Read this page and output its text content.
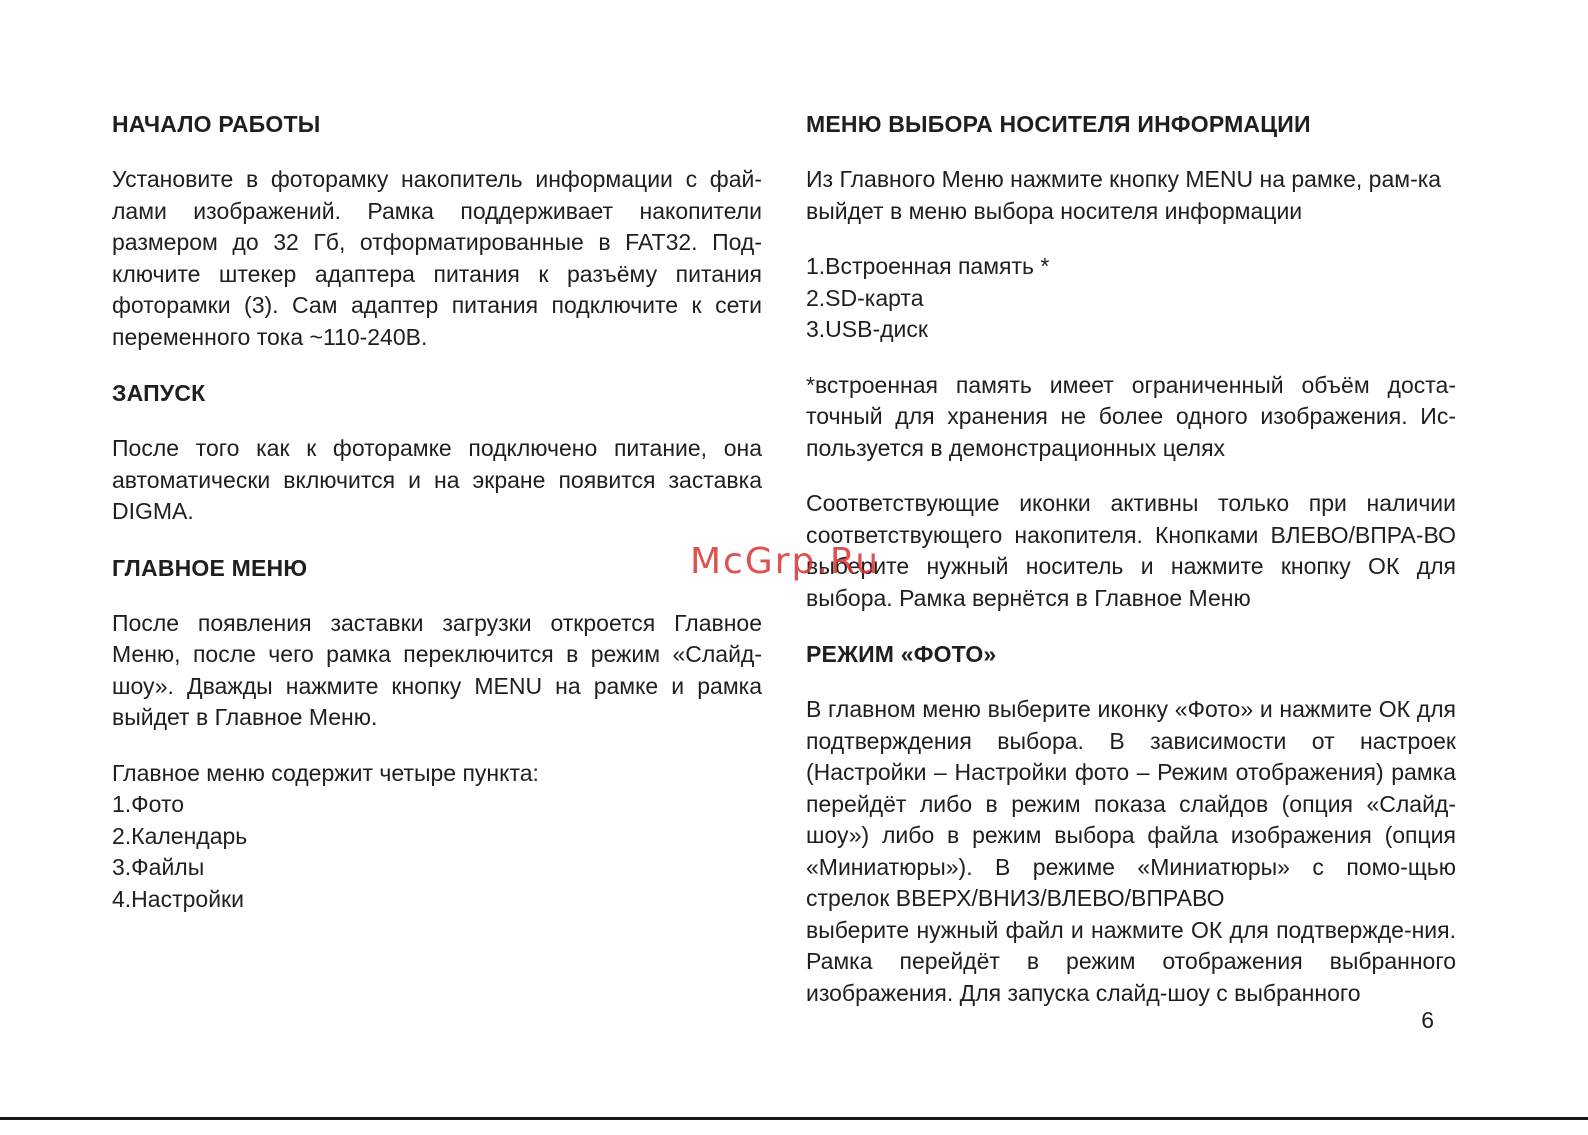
НАЧАЛО РАБОТЫ

Установите в фоторамку накопитель информации с фай-лами изображений. Рамка поддерживает накопители размером до 32 Гб, отформатированные в FAT32. Под-ключите штекер адаптера питания к разъёму питания фоторамки (3). Сам адаптер питания подключите к сети переменного тока ~110-240В.

ЗАПУСК

После того как к фоторамке подключено питание, она автоматически включится и на экране появится заставка DIGMA.

ГЛАВНОЕ МЕНЮ

После появления заставки загрузки откроется Главное Меню, после чего рамка переключится в режим «Слайд-шоу». Дважды нажмите кнопку MENU на рамке и рамка выйдет в Главное Меню.

Главное меню содержит четыре пункта:
1.Фото
2.Календарь
3.Файлы
4.Настройки
МЕНЮ ВЫБОРА НОСИТЕЛЯ ИНФОРМАЦИИ

Из Главного Меню нажмите кнопку MENU на рамке, рам-ка выйдет в меню выбора носителя информации

1.Встроенная память *
2.SD-карта
3.USB-диск

*встроенная память имеет ограниченный объём доста-точный для хранения не более одного изображения. Ис-пользуется в демонстрационных целях

Соответствующие иконки активны только при наличии соответствующего накопителя. Кнопками ВЛЕВО/ВПРА-ВО выберите нужный носитель и нажмите кнопку ОК для выбора. Рамка вернётся в Главное Меню

РЕЖИМ «ФОТО»

В главном меню выберите иконку «Фото» и нажмите ОК для подтверждения выбора. В зависимости от настроек (Настройки – Настройки фото – Режим отображения) рамка перейдёт либо в режим показа слайдов (опция «Слайд-шоу») либо в режим выбора файла изображения (опция «Миниатюры»). В режиме «Миниатюры» с помо-щью стрелок ВВЕРХ/ВНИЗ/ВЛЕВО/ВПРАВО

выберите нужный файл и нажмите ОК для подтвержде-ния. Рамка перейдёт в режим отображения выбранного изображения. Для запуска слайд-шоу с выбранного

McGrp.Ru
6
